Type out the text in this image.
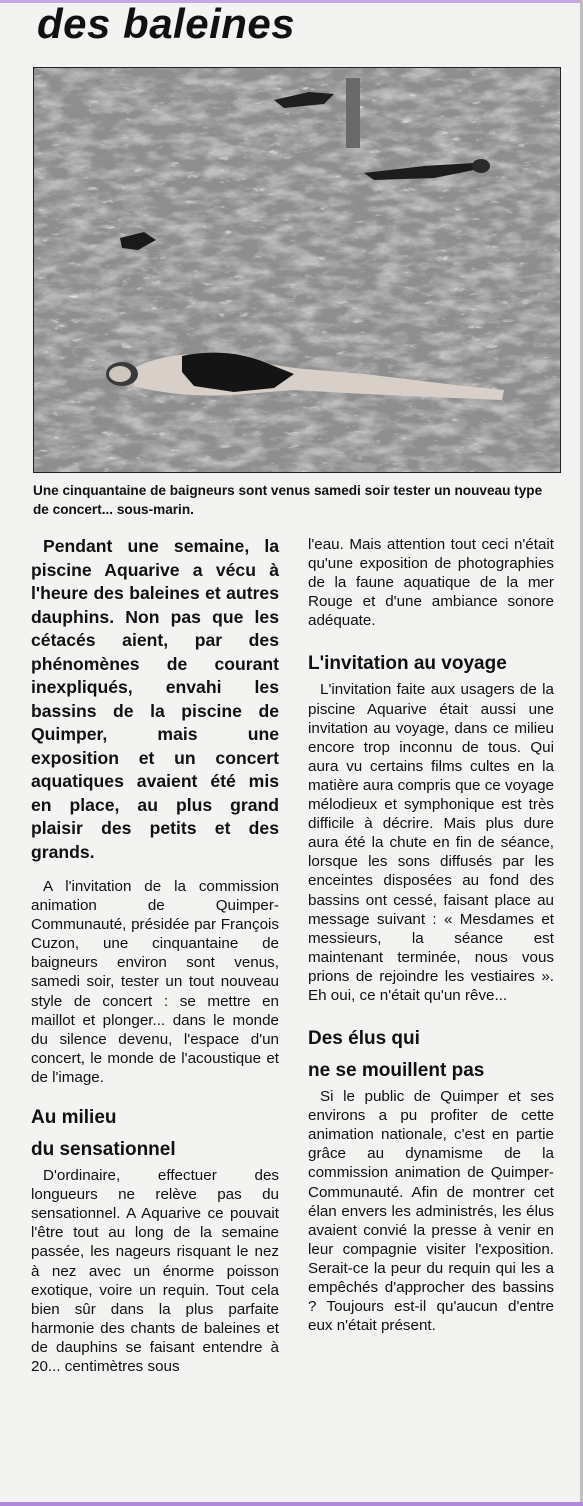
des baleines

Une cinquantaine de baigneurs sont venus samedi soir tester un nouveau type de concert... sous-marin.

Pendant une semaine, la piscine Aquarive a vécu à l'heure des baleines et autres dauphins. Non pas que les cétacés aient, par des phénomènes de courant inexpliqués, envahi les bassins de la piscine de Quimper, mais une exposition et un concert aquatiques avaient été mis en place, au plus grand plaisir des petits et des grands.

A l'invitation de la commission animation de Quimper-Communauté, présidée par François Cuzon, une cinquantaine de baigneurs environ sont venus, samedi soir, tester un tout nouveau style de concert : se mettre en maillot et plonger... dans le monde du silence devenu, l'espace d'un concert, le monde de l'acoustique et de l'image.

Au milieu

du sensationnel

D'ordinaire, effectuer des longueurs ne relève pas du sensationnel. A Aquarive ce pouvait l'être tout au long de la semaine passée, les nageurs risquant le nez à nez avec un énorme poisson exotique, voire un requin. Tout cela bien sûr dans la plus parfaite harmonie des chants de baleines et de dauphins se faisant entendre à 20... centimètres sous

l'eau. Mais attention tout ceci n'était qu'une exposition de photographies de la faune aquatique de la mer Rouge et d'une ambiance sonore adéquate.

L'invitation au voyage

L'invitation faite aux usagers de la piscine Aquarive était aussi une invitation au voyage, dans ce milieu encore trop inconnu de tous. Qui aura vu certains films cultes en la matière aura compris que ce voyage mélodieux et symphonique est très difficile à décrire. Mais plus dure aura été la chute en fin de séance, lorsque les sons diffusés par les enceintes disposées au fond des bassins ont cessé, faisant place au message suivant : « Mesdames et messieurs, la séance est maintenant terminée, nous vous prions de rejoindre les vestiaires ». Eh oui, ce n'était qu'un rêve...

Des élus qui

ne se mouillent pas

Si le public de Quimper et ses environs a pu profiter de cette animation nationale, c'est en partie grâce au dynamisme de la commission animation de Quimper-Communauté. Afin de montrer cet élan envers les administrés, les élus avaient convié la presse à venir en leur compagnie visiter l'exposition. Serait-ce la peur du requin qui les a empêchés d'approcher des bassins ? Toujours est-il qu'aucun d'entre eux n'était présent.
